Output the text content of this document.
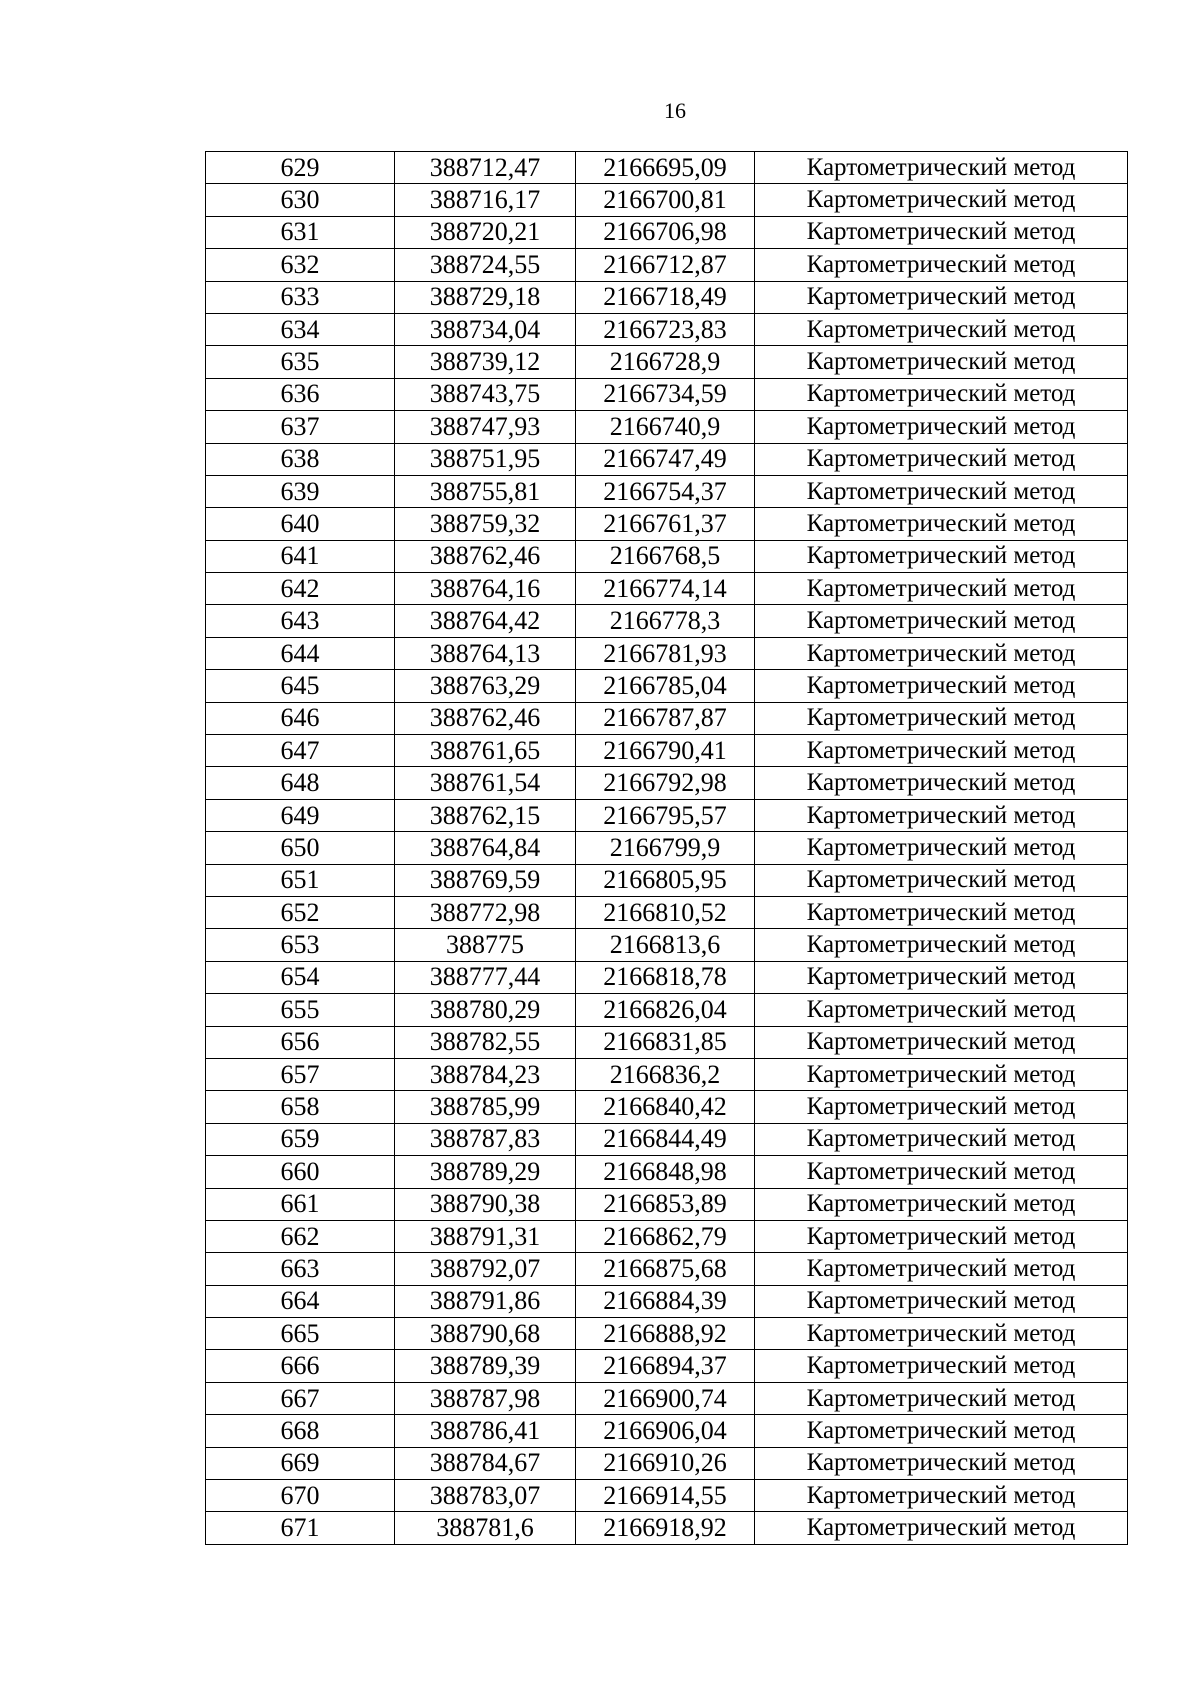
16
629	388712,47	2166695,09	Картометрический метод
630	388716,17	2166700,81	Картометрический метод
631	388720,21	2166706,98	Картометрический метод
632	388724,55	2166712,87	Картометрический метод
633	388729,18	2166718,49	Картометрический метод
634	388734,04	2166723,83	Картометрический метод
635	388739,12	2166728,9	Картометрический метод
636	388743,75	2166734,59	Картометрический метод
637	388747,93	2166740,9	Картометрический метод
638	388751,95	2166747,49	Картометрический метод
639	388755,81	2166754,37	Картометрический метод
640	388759,32	2166761,37	Картометрический метод
641	388762,46	2166768,5	Картометрический метод
642	388764,16	2166774,14	Картометрический метод
643	388764,42	2166778,3	Картометрический метод
644	388764,13	2166781,93	Картометрический метод
645	388763,29	2166785,04	Картометрический метод
646	388762,46	2166787,87	Картометрический метод
647	388761,65	2166790,41	Картометрический метод
648	388761,54	2166792,98	Картометрический метод
649	388762,15	2166795,57	Картометрический метод
650	388764,84	2166799,9	Картометрический метод
651	388769,59	2166805,95	Картометрический метод
652	388772,98	2166810,52	Картометрический метод
653	388775	2166813,6	Картометрический метод
654	388777,44	2166818,78	Картометрический метод
655	388780,29	2166826,04	Картометрический метод
656	388782,55	2166831,85	Картометрический метод
657	388784,23	2166836,2	Картометрический метод
658	388785,99	2166840,42	Картометрический метод
659	388787,83	2166844,49	Картометрический метод
660	388789,29	2166848,98	Картометрический метод
661	388790,38	2166853,89	Картометрический метод
662	388791,31	2166862,79	Картометрический метод
663	388792,07	2166875,68	Картометрический метод
664	388791,86	2166884,39	Картометрический метод
665	388790,68	2166888,92	Картометрический метод
666	388789,39	2166894,37	Картометрический метод
667	388787,98	2166900,74	Картометрический метод
668	388786,41	2166906,04	Картометрический метод
669	388784,67	2166910,26	Картометрический метод
670	388783,07	2166914,55	Картометрический метод
671	388781,6	2166918,92	Картометрический метод
